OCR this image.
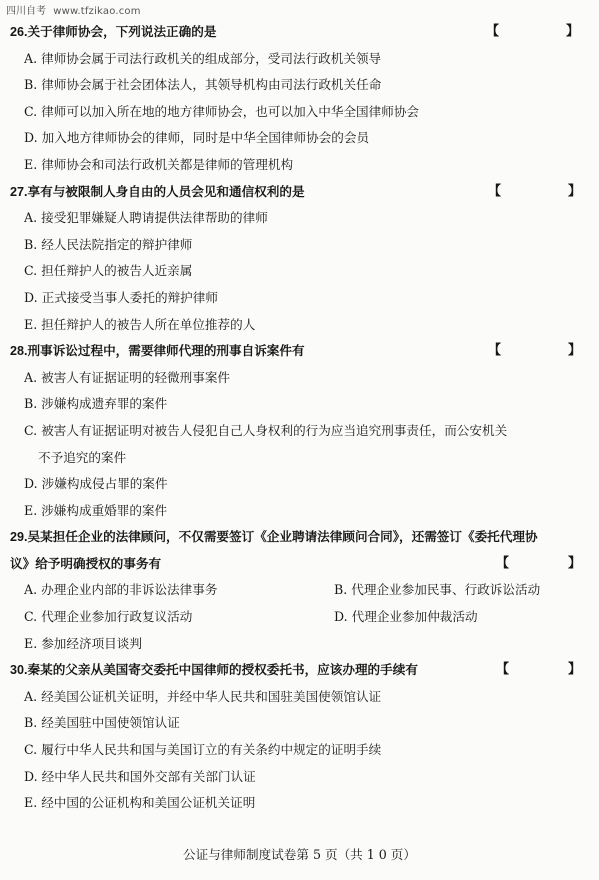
四川自考 www.tfzikao.com
26.关于律师协会，下列说法正确的是	【	】
A. 律师协会属于司法行政机关的组成部分，受司法行政机关领导
B. 律师协会属于社会团体法人，其领导机构由司法行政机关任命
C. 律师可以加入所在地的地方律师协会，也可以加入中华全国律师协会
D. 加入地方律师协会的律师，同时是中华全国律师协会的会员
E. 律师协会和司法行政机关都是律师的管理机构
27.享有与被限制人身自由的人员会见和通信权利的是	【	】
A. 接受犯罪嫌疑人聘请提供法律帮助的律师
B. 经人民法院指定的辩护律师
C. 担任辩护人的被告人近亲属
D. 正式接受当事人委托的辩护律师
E. 担任辩护人的被告人所在单位推荐的人
28.刑事诉讼过程中，需要律师代理的刑事自诉案件有	【	】
A. 被害人有证据证明的轻微刑事案件
B. 涉嫌构成遗弃罪的案件
C. 被害人有证据证明对被告人侵犯自己人身权利的行为应当追究刑事责任，而公安机关
不予追究的案件
D. 涉嫌构成侵占罪的案件
E. 涉嫌构成重婚罪的案件
29.吴某担任企业的法律顾问，不仅需要签订《企业聘请法律顾问合同》，还需签订《委托代理协
议》给予明确授权的事务有	【	】
A. 办理企业内部的非诉讼法律事务	B. 代理企业参加民事、行政诉讼活动
C. 代理企业参加行政复议活动	D. 代理企业参加仲裁活动
E. 参加经济项目谈判
30.秦某的父亲从美国寄交委托中国律师的授权委托书，应该办理的手续有	【	】
A. 经美国公证机关证明，并经中华人民共和国驻美国使领馆认证
B. 经美国驻中国使领馆认证
C. 履行中华人民共和国与美国订立的有关条约中规定的证明手续
D. 经中华人民共和国外交部有关部门认证
E. 经中国的公证机构和美国公证机关证明
公证与律师制度试卷第 5 页（共 1 0 页）
